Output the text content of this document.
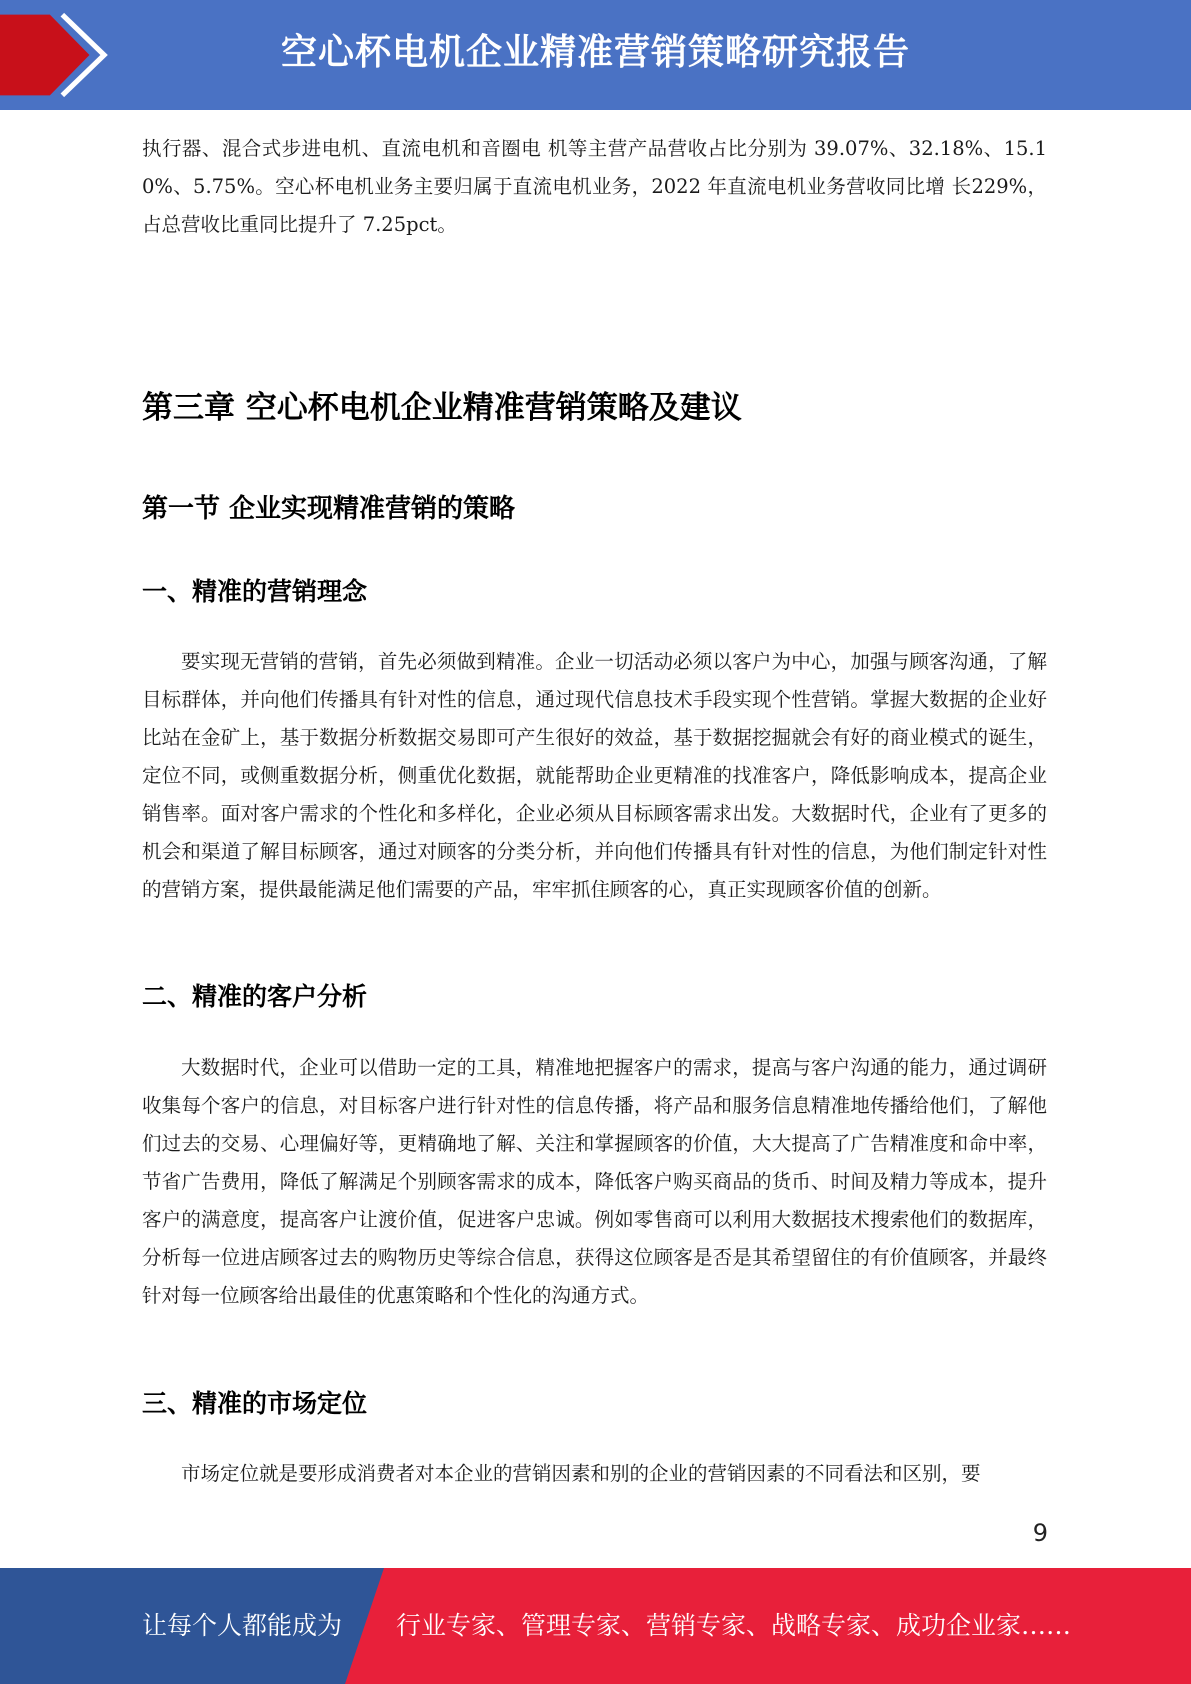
空心杯电机企业精准营销策略研究报告

执行器、混合式步进电机、直流电机和音圈电 机等主营产品营收占比分别为 39.07%、32.18%、15.10%、5.75%。空心杯电机业务主要归属于直流电机业务，2022 年直流电机业务营收同比增 长229%，占总营收比重同比提升了 7.25pct。

第三章 空心杯电机企业精准营销策略及建议
第一节 企业实现精准营销的策略
一、精准的营销理念

要实现无营销的营销，首先必须做到精准。企业一切活动必须以客户为中心，加强与顾客沟通，了解目标群体，并向他们传播具有针对性的信息，通过现代信息技术手段实现个性营销。掌握大数据的企业好比站在金矿上，基于数据分析数据交易即可产生很好的效益，基于数据挖掘就会有好的商业模式的诞生，定位不同，或侧重数据分析，侧重优化数据，就能帮助企业更精准的找准客户，降低影响成本，提高企业销售率。面对客户需求的个性化和多样化，企业必须从目标顾客需求出发。大数据时代，企业有了更多的机会和渠道了解目标顾客，通过对顾客的分类分析，并向他们传播具有针对性的信息，为他们制定针对性的营销方案，提供最能满足他们需要的产品，牢牢抓住顾客的心，真正实现顾客价值的创新。

二、精准的客户分析

大数据时代，企业可以借助一定的工具，精准地把握客户的需求，提高与客户沟通的能力，通过调研收集每个客户的信息，对目标客户进行针对性的信息传播，将产品和服务信息精准地传播给他们，了解他们过去的交易、心理偏好等，更精确地了解、关注和掌握顾客的价值，大大提高了广告精准度和命中率，节省广告费用，降低了解满足个别顾客需求的成本，降低客户购买商品的货币、时间及精力等成本，提升客户的满意度，提高客户让渡价值，促进客户忠诚。例如零售商可以利用大数据技术搜索他们的数据库，分析每一位进店顾客过去的购物历史等综合信息，获得这位顾客是否是其希望留住的有价值顾客，并最终针对每一位顾客给出最佳的优惠策略和个性化的沟通方式。

三、精准的市场定位

市场定位就是要形成消费者对本企业的营销因素和别的企业的营销因素的不同看法和区别，要

9
让每个人都能成为 行业专家、管理专家、营销专家、战略专家、成功企业家……
